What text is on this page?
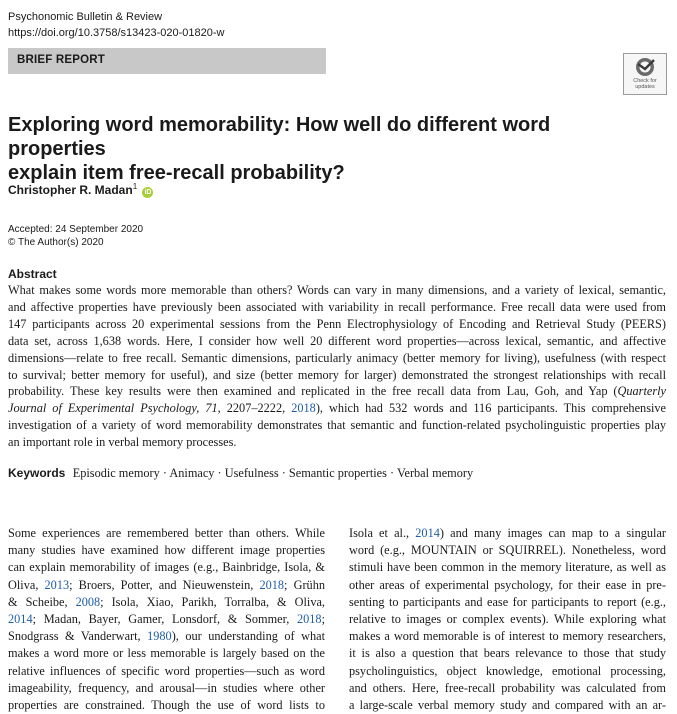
Psychonomic Bulletin & Review
https://doi.org/10.3758/s13423-020-01820-w
BRIEF REPORT
Check for
updates
Exploring word memorability: How well do different word properties
explain item free-recall probability?
Christopher R. Madan$^1$ iD
Accepted: 24 September 2020
© The Author(s) 2020
Abstract
What makes some words more memorable than others? Words can vary in many dimensions, and a variety of lexical, semantic,
and affective properties have previously been associated with variability in recall performance. Free recall data were used from
147 participants across 20 experimental sessions from the Penn Electrophysiology of Encoding and Retrieval Study (PEERS)
data set, across 1,638 words. Here, I consider how well 20 different word properties—across lexical, semantic, and affective
dimensions—relate to free recall. Semantic dimensions, particularly animacy (better memory for living), usefulness (with respect
to survival; better memory for useful), and size (better memory for larger) demonstrated the strongest relationships with recall
probability. These key results were then examined and replicated in the free recall data from Lau, Goh, and Yap (Quarterly
Journal of Experimental Psychology, 71, 2207–2222, 2018), which had 532 words and 116 participants. This comprehensive
investigation of a variety of word memorability demonstrates that semantic and function-related psycholinguistic properties play
an important role in verbal memory processes.
Keywords Episodic memory · Animacy · Usefulness · Semantic properties · Verbal memory
Some experiences are remembered better than others. While
many studies have examined how different image properties
can explain memorability of images (e.g., Bainbridge, Isola, &
Oliva, 2013; Broers, Potter, and Nieuwenstein, 2018; Grühn
& Scheibe, 2008; Isola, Xiao, Parikh, Torralba, & Oliva,
2014; Madan, Bayer, Gamer, Lonsdorf, & Sommer, 2018;
Snodgrass & Vanderwart, 1980), our understanding of what
makes a word more or less memorable is largely based on the
relative influences of specific word properties—such as word
imageability, frequency, and arousal—in studies where other
properties are constrained. Though the use of word lists to
Isola et al., 2014) and many images can map to a singular
word (e.g., MOUNTAIN or SQUIRREL). Nonetheless, word
stimuli have been common in the memory literature, as well as
other areas of experimental psychology, for their ease in pre-
senting to participants and ease for participants to report (e.g.,
relative to images or complex events). While exploring what
makes a word memorable is of interest to memory researchers,
it is also a question that bears relevance to those that study
psycholinguistics, object knowledge, emotional processing,
and others. Here, free-recall probability was calculated from
a large-scale verbal memory study and compared with an ar-
